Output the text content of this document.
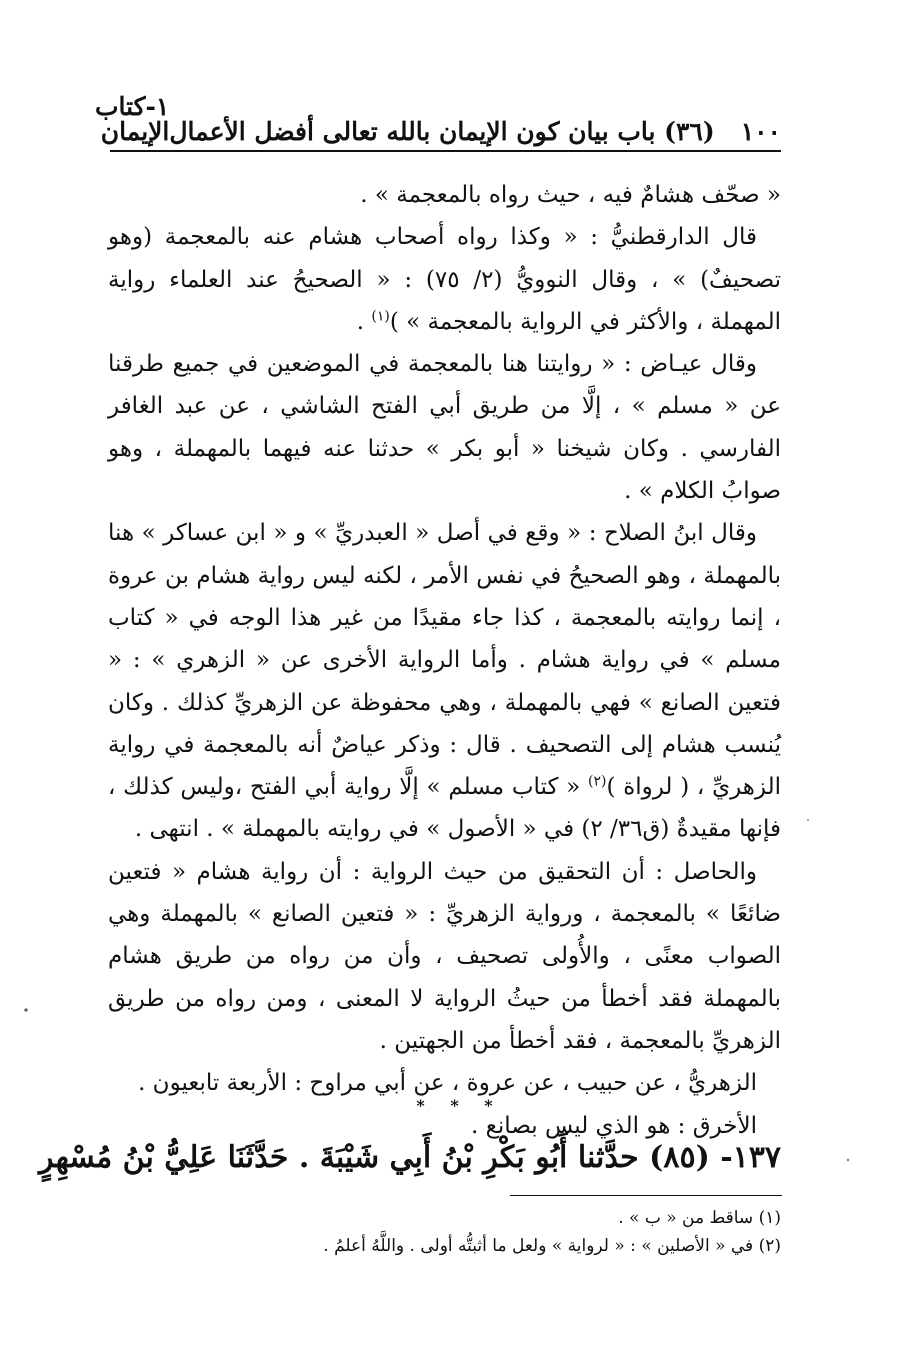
١٠٠
(٣٦) باب بيان كون الإيمان بالله تعالى أفضل الأعمال
١-كتاب الإيمان

« صحّف هشامٌ فيه ، حيث رواه بالمعجمة » .

قال الدارقطنيُّ : « وكذا رواه أصحاب هشام عنه بالمعجمة (وهو تصحيفٌ) » ، وقال النوويُّ (٢/ ٧٥) : « الصحيحُ عند العلماء رواية المهملة ، والأكثر في الرواية بالمعجمة » )$^{(١)}$ .

وقال عيـاض : « روايتنا هنا بالمعجمة في الموضعين في جميع طرقنا عن « مسلم » ، إلَّا من طريق أبي الفتح الشاشي ، عن عبد الغافر الفارسي . وكان شيخنا « أبو بكر » حدثنا عنه فيهما بالمهملة ، وهو صوابُ الكلام » .

وقال ابنُ الصلاح : « وقع في أصل « العبدريِّ » و « ابن عساكر » هنا بالمهملة ، وهو الصحيحُ في نفس الأمر ، لكنه ليس رواية هشام بن عروة ، إنما روايته بالمعجمة ، كذا جاء مقيدًا من غير هذا الوجه في « كتاب مسلم » في رواية هشام . وأما الرواية الأخرى عن « الزهري » : « فتعين الصانع » فهي بالمهملة ، وهي محفوظة عن الزهريِّ كذلك . وكان يُنسب هشام إلى التصحيف . قال : وذكر عياضٌ أنه بالمعجمة في رواية الزهريِّ ، ( لرواة )$^{(٢)}$ « كتاب مسلم » إلَّا رواية أبي الفتح ،وليس كذلك ، فإنها مقيدةٌ (ق٣٦/ ٢) في « الأصول » في روايته بالمهملة » . انتهى .

والحاصل : أن التحقيق من حيث الرواية : أن رواية هشام « فتعين ضائعًا » بالمعجمة ، ورواية الزهريِّ : « فتعين الصانع » بالمهملة وهي الصواب معنًى ، والأُولى تصحيف ، وأن من رواه من طريق هشام بالمهملة فقد أخطأ من حيثُ الرواية لا المعنى ، ومن رواه من طريق الزهريِّ بالمعجمة ، فقد أخطأ من الجهتين .

الزهريُّ ، عن حبيب ، عن عروة ، عن أبي مراوح : الأربعة تابعيون .

الأخرق : هو الذي ليس بصانع .

* * *
١٣٧- (٨٥) حدَّثنا أَبُو بَكْرِ بْنُ أَبِي شَيْبَةَ . حَدَّثَنَا عَلِيُّ بْنُ مُسْهِرٍ
(١) ساقط من « ب » .
(٢) في « الأصلين » : « لرواية » ولعل ما أثبتُّه أولى . واللَّهُ أعلمُ .
